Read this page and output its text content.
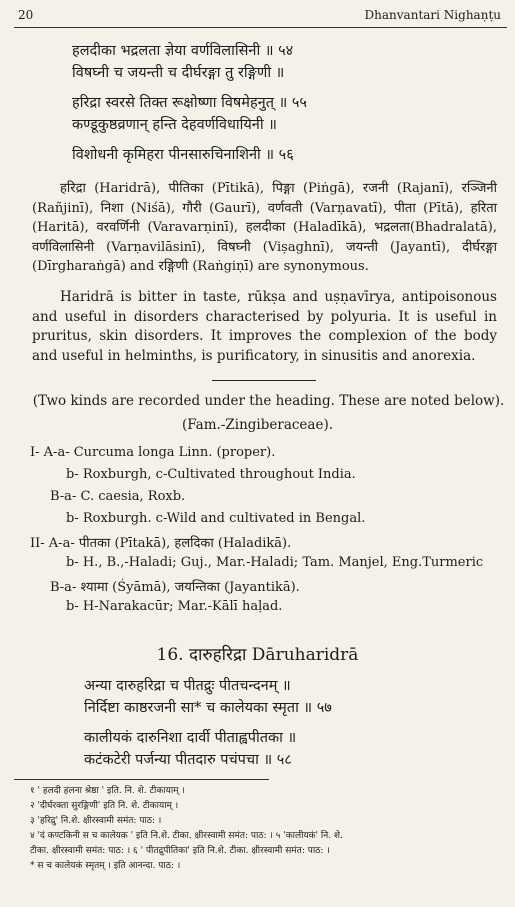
20	Dhanvantari Nighaṇṭu
हलदीका भद्रलता ज्ञेया वर्णविलासिनी ॥ ५४
विषघ्नी च जयन्ती च दीर्घरङ्गा तु रङ्गिणी ॥
हरिद्रा स्वरसे तिक्त रूक्षोष्णा विषमेहनुत् ॥ ५५
कण्डूकुष्ठव्रणान् हन्ति देहवर्णविधायिनी ॥
विशोधनी कृमिहरा पीनसारुचिनाशिनी ॥ ५६
हरिद्रा (Haridrā), पीतिका (Pītikā), पिङ्गा (Piṅgā), रजनी (Rajanī), रञ्जिनी (Rañjinī), निशा (Niśā), गौरी (Gaurī), वर्णवती (Varṇavatī), पीता (Pītā), हरिता (Haritā), वरवर्णिनी (Varavarṇinī), हलदीका (Haladīkā), भद्रलता(Bhadralatā), वर्णविलासिनी (Varṇavilāsinī), विषघ्नी (Viṣaghnī), जयन्ती (Jayantī), दीर्घरङ्गा (Dīrgharaṅgā) and रङ्गिणी (Raṅgiṇī) are synonymous.
Haridrā is bitter in taste, rūkṣa and uṣṇavīrya, antipoisonous and useful in disorders characterised by polyuria. It is useful in pruritus, skin disorders. It improves the complexion of the body and useful in helminths, is purificatory, in sinusitis and anorexia.
(Two kinds are recorded under the heading. These are noted below).
(Fam.-Zingiberaceae).
I- A-a- Curcuma longa Linn. (proper).
b- Roxburgh, c-Cultivated throughout India.
B-a- C. caesia, Roxb.
b- Roxburgh. c-Wild and cultivated in Bengal.
II- A-a- पीतका (Pītakā), हलदिका (Haladikā).
b- H., B.,-Haladi; Guj., Mar.-Haladi; Tam. Manjel, Eng.Turmeric
B-a- श्यामा (Śyāmā), जयन्तिका (Jayantikā).
b- H-Narakacūr; Mar.-Kālī haḷad.
16. दारुहरिद्रा Dāruharidrā
अन्या दारुहरिद्रा च पीतद्रुः पीतचन्दनम् ॥
निर्दिष्टा काष्ठरजनी सा* च कालेयका स्मृता ॥ ५७
कालीयकं दारुनिशा दार्वी पीताह्वपीतका ॥
कटंकटेरी पर्जन्या पीतदारु पचंपचा ॥ ५८
१ ' हलदी हलना श्रेष्ठा ' इति. नि. शे. टीकायाम् ।
२ 'दीर्घरक्ता सुरङ्गिणी' इति नि. शे. टीकायाम् ।
३ 'हरिद्रु' नि.शे. क्षीरस्वामी समंत: पाठ: ।
४ 'दं कण्टकिनी स च कालेयक ' इति नि.शे. टीका. क्षीरस्वामी समंत: पाठ: । ५ 'कालीयकं' नि. शे.
टीका. क्षीरस्वामी समंत: पाठ: । ६ ' पीतद्रुपीतिका' इति नि.शे. टीका. क्षीरस्वामी समंत: पाठ: ।
* स च कालेयकं स्मृतम् । इति आनन्दा. पाठ: ।
